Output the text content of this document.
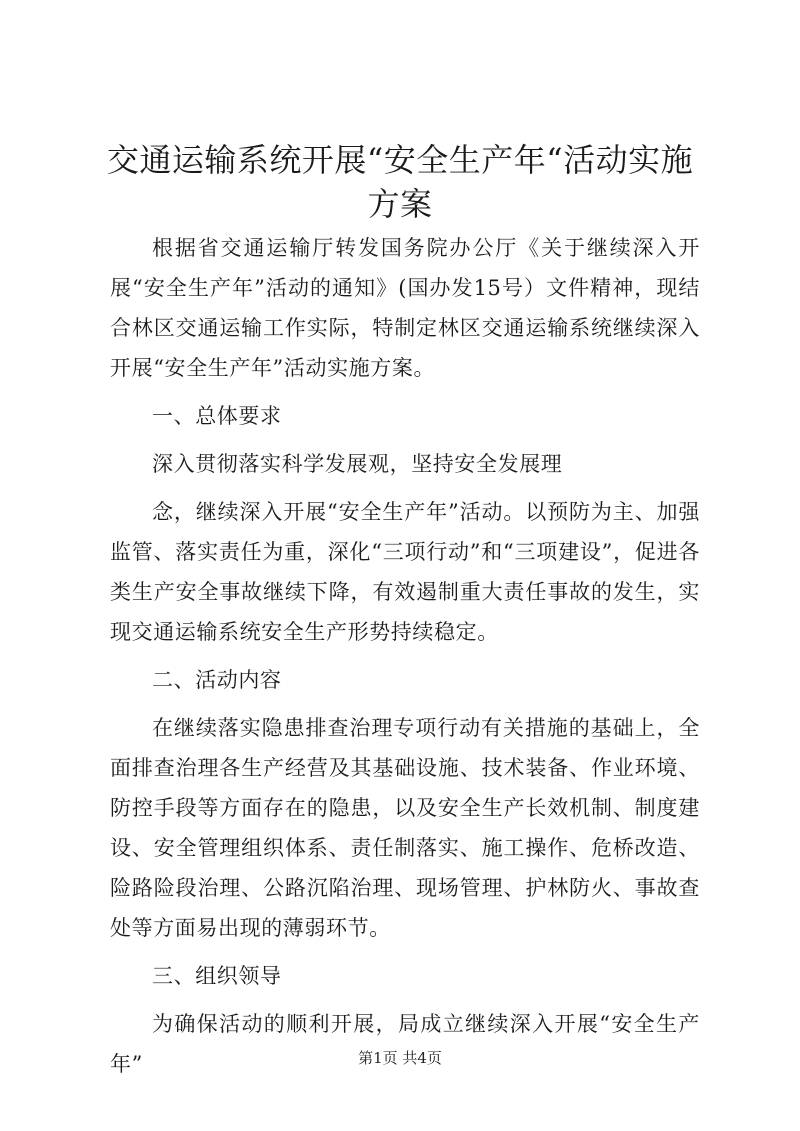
交通运输系统开展“安全生产年“活动实施方案

根据省交通运输厅转发国务院办公厅《关于继续深入开展“安全生产年”活动的通知》(国办发15号）文件精神，现结合林区交通运输工作实际，特制定林区交通运输系统继续深入开展“安全生产年”活动实施方案。

一、总体要求

深入贯彻落实科学发展观，坚持安全发展理

念，继续深入开展“安全生产年”活动。以预防为主、加强监管、落实责任为重，深化“三项行动”和“三项建设”，促进各类生产安全事故继续下降，有效遏制重大责任事故的发生，实现交通运输系统安全生产形势持续稳定。

二、活动内容

在继续落实隐患排查治理专项行动有关措施的基础上，全面排查治理各生产经营及其基础设施、技术装备、作业环境、防控手段等方面存在的隐患，以及安全生产长效机制、制度建设、安全管理组织体系、责任制落实、施工操作、危桥改造、险路险段治理、公路沉陷治理、现场管理、护林防火、事故查处等方面易出现的薄弱环节。

三、组织领导

为确保活动的顺利开展，局成立继续深入开展“安全生产年”	第1页 共4页
